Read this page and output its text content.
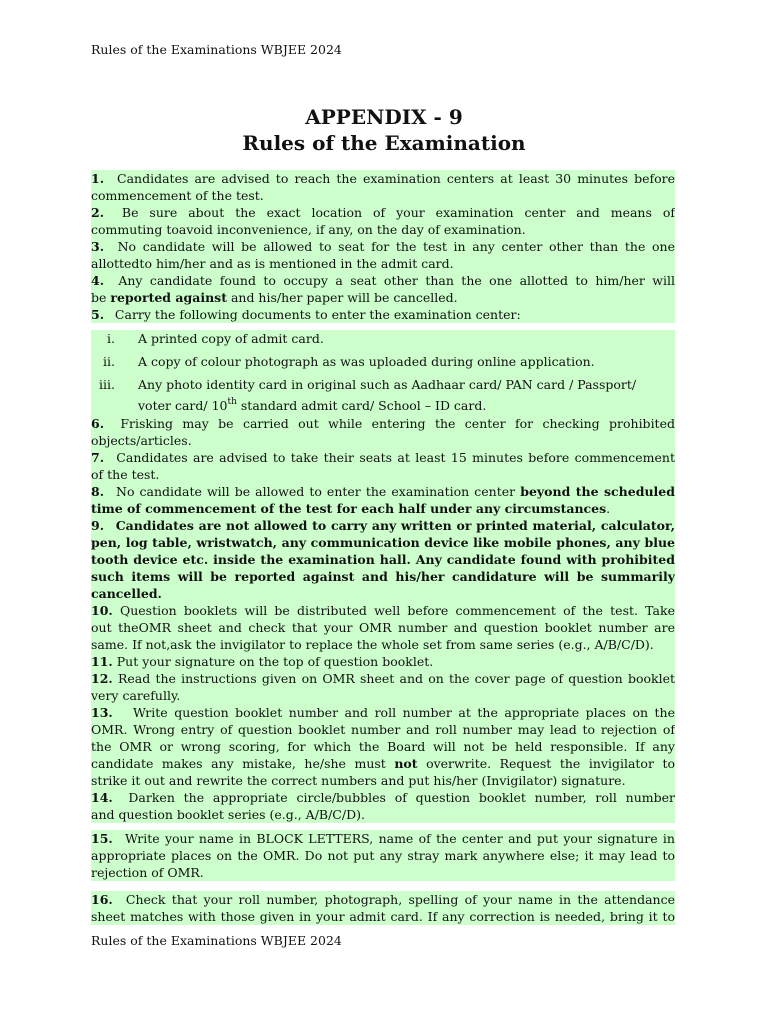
Rules of the Examinations WBJEE 2024
APPENDIX - 9
Rules of the Examination
1. Candidates are advised to reach the examination centers at least 30 minutes before
commencement of the test.
2. Be sure about the exact location of your examination center and means of
commuting toavoid inconvenience, if any, on the day of examination.
3. No candidate will be allowed to seat for the test in any center other than the one
allottedto him/her and as is mentioned in the admit card.
4. Any candidate found to occupy a seat other than the one allotted to him/her will
be reported against and his/her paper will be cancelled.
5. Carry the following documents to enter the examination center:
i. A printed copy of admit card.
ii. A copy of colour photograph as was uploaded during online application.
iii. Any photo identity card in original such as Aadhaar card/ PAN card / Passport/
voter card/ 10th standard admit card/ School – ID card.
6. Frisking may be carried out while entering the center for checking prohibited
objects/articles.
7. Candidates are advised to take their seats at least 15 minutes before commencement
of the test.
8. No candidate will be allowed to enter the examination center beyond the scheduled
time of commencement of the test for each half under any circumstances.
9. Candidates are not allowed to carry any written or printed material, calculator,
pen, log table, wristwatch, any communication device like mobile phones, any blue
tooth device etc. inside the examination hall. Any candidate found with prohibited
such items will be reported against and his/her candidature will be summarily
cancelled.
10. Question booklets will be distributed well before commencement of the test. Take
out theOMR sheet and check that your OMR number and question booklet number are
same. If not,ask the invigilator to replace the whole set from same series (e.g., A/B/C/D).
11. Put your signature on the top of question booklet.
12. Read the instructions given on OMR sheet and on the cover page of question booklet
very carefully.
13. Write question booklet number and roll number at the appropriate places on the
OMR. Wrong entry of question booklet number and roll number may lead to rejection of
the OMR or wrong scoring, for which the Board will not be held responsible. If any
candidate makes any mistake, he/she must not overwrite. Request the invigilator to
strike it out and rewrite the correct numbers and put his/her (Invigilator) signature.
14. Darken the appropriate circle/bubbles of question booklet number, roll number
and question booklet series (e.g., A/B/C/D).
15. Write your name in BLOCK LETTERS, name of the center and put your signature in
appropriate places on the OMR. Do not put any stray mark anywhere else; it may lead to
rejection of OMR.
16. Check that your roll number, photograph, spelling of your name in the attendance
sheet matches with those given in your admit card. If any correction is needed, bring it to
Rules of the Examinations WBJEE 2024
